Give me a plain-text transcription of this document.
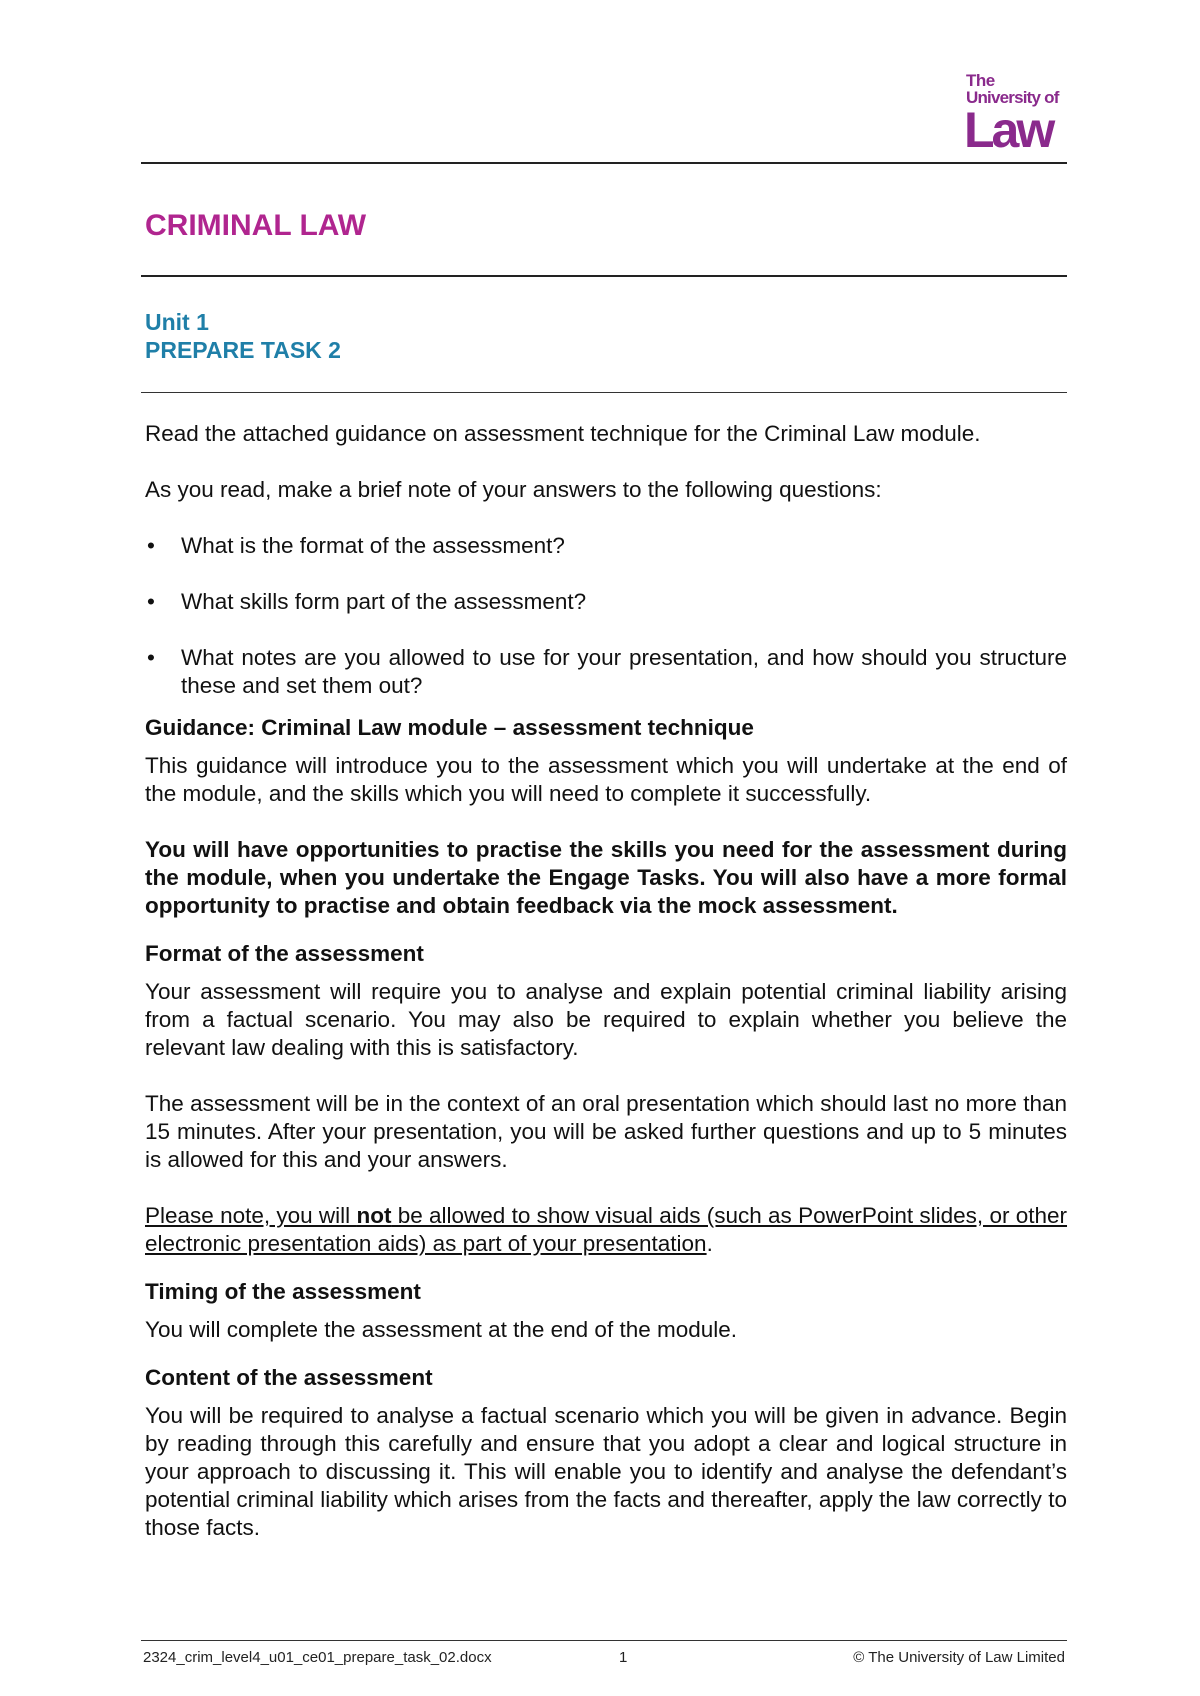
The
University of
Law
CRIMINAL LAW
Unit 1
PREPARE TASK 2

Read the attached guidance on assessment technique for the Criminal Law module.

As you read, make a brief note of your answers to the following questions:

• What is the format of the assessment?
• What skills form part of the assessment?
• What notes are you allowed to use for your presentation, and how should you structure these and set them out?

Guidance: Criminal Law module – assessment technique

This guidance will introduce you to the assessment which you will undertake at the end of the module, and the skills which you will need to complete it successfully.

You will have opportunities to practise the skills you need for the assessment during the module, when you undertake the Engage Tasks. You will also have a more formal opportunity to practise and obtain feedback via the mock assessment.

Format of the assessment

Your assessment will require you to analyse and explain potential criminal liability arising from a factual scenario. You may also be required to explain whether you believe the relevant law dealing with this is satisfactory.

The assessment will be in the context of an oral presentation which should last no more than 15 minutes. After your presentation, you will be asked further questions and up to 5 minutes is allowed for this and your answers.

Please note, you will not be allowed to show visual aids (such as PowerPoint slides, or other electronic presentation aids) as part of your presentation.

Timing of the assessment

You will complete the assessment at the end of the module.

Content of the assessment

You will be required to analyse a factual scenario which you will be given in advance. Begin by reading through this carefully and ensure that you adopt a clear and logical structure in your approach to discussing it. This will enable you to identify and analyse the defendant’s potential criminal liability which arises from the facts and thereafter, apply the law correctly to those facts.

2324_crim_level4_u01_ce01_prepare_task_02.docx	1	© The University of Law Limited
